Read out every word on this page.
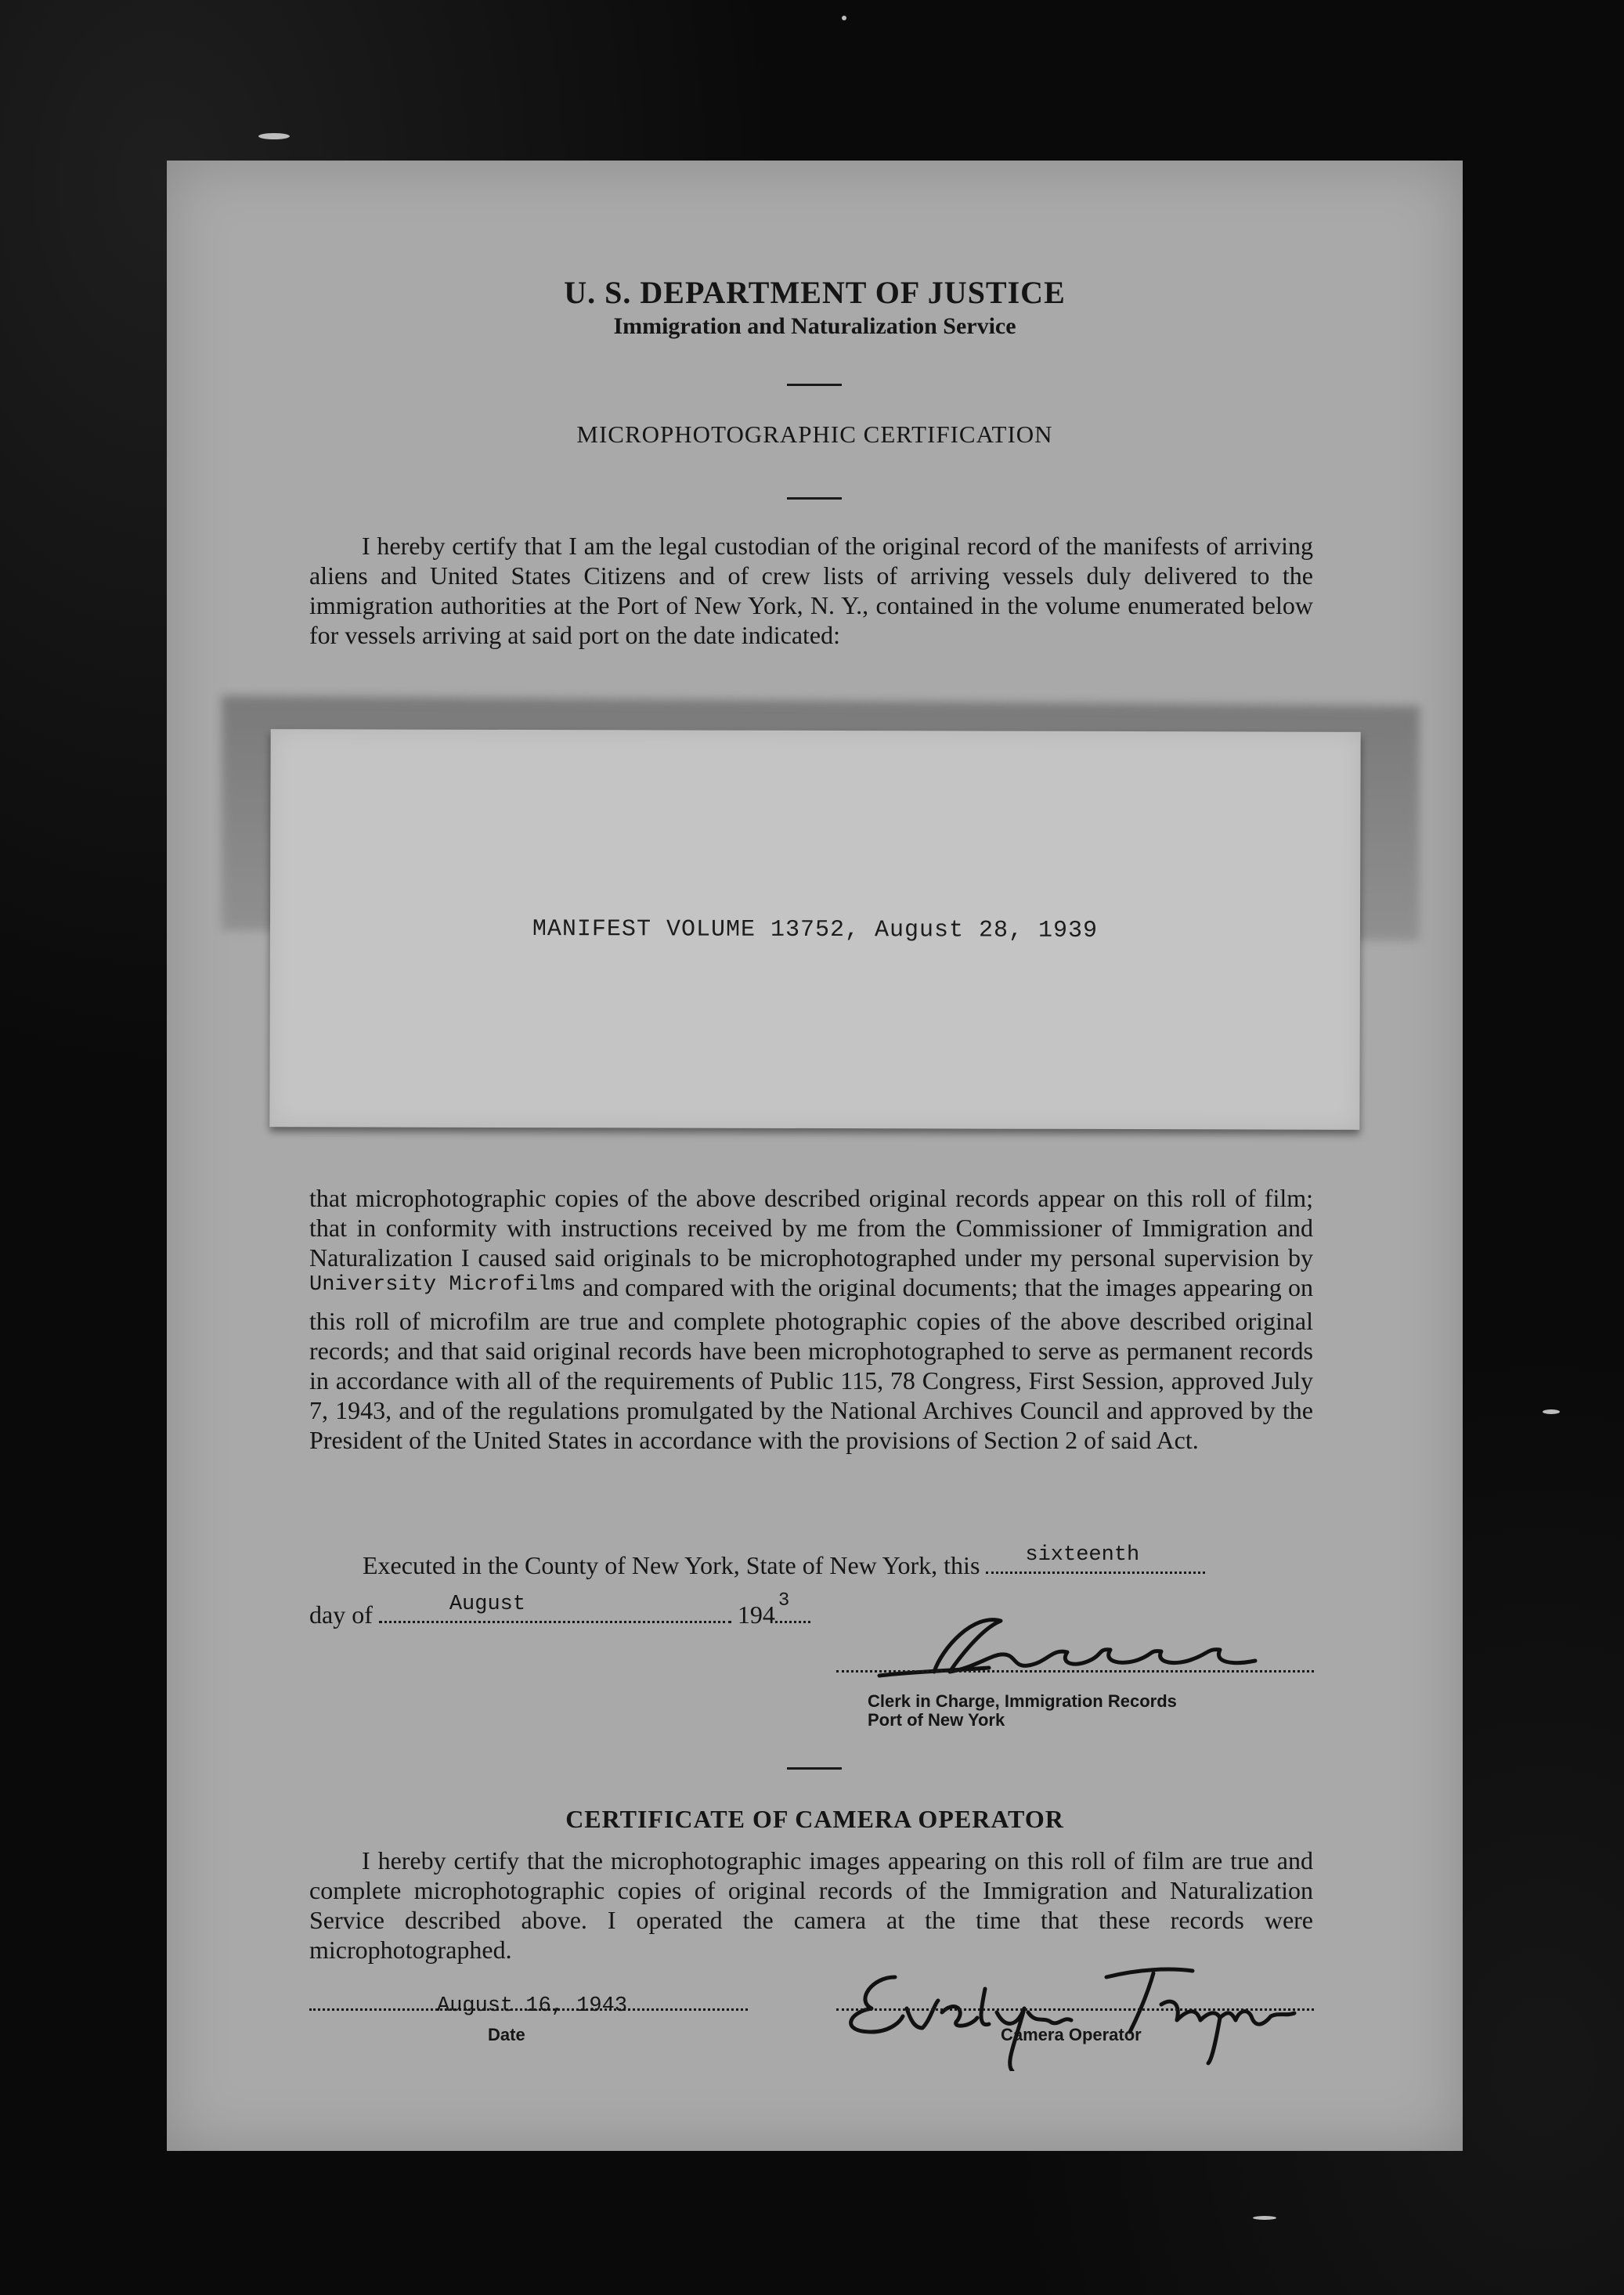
U. S. DEPARTMENT OF JUSTICE
Immigration and Naturalization Service
MICROPHOTOGRAPHIC CERTIFICATION
I hereby certify that I am the legal custodian of the original record of the manifests of arriving aliens and United States Citizens and of crew lists of arriving vessels duly delivered to the immigration authorities at the Port of New York, N. Y., contained in the volume enumerated below for vessels arriving at said port on the date indicated:
MANIFEST VOLUME 13752, August 28, 1939
that microphotographic copies of the above described original records appear on this roll of film; that in conformity with instructions received by me from the Commissioner of Immigration and Naturalization I caused said originals to be microphotographed under my personal supervision by $^{University Microfilms}$ and compared with the original documents; that the images appearing on this roll of microfilm are true and complete photographic copies of the above described original records; and that said original records have been microphotographed to serve as permanent records in accordance with all of the requirements of Public 115, 78 Congress, First Session, approved July 7, 1943, and of the regulations promulgated by the National Archives Council and approved by the President of the United States in accordance with the provisions of Section 2 of said Act.
Executed in the County of New York, State of New York, this sixteenth
day of	August	194 3
Clerk in Charge, Immigration Records
Port of New York
CERTIFICATE OF CAMERA OPERATOR
I hereby certify that the microphotographic images appearing on this roll of film are true and complete microphotographic copies of original records of the Immigration and Naturalization Service described above. I operated the camera at the time that these records were microphotographed.
August 16, 1943
Date	Camera Operator
